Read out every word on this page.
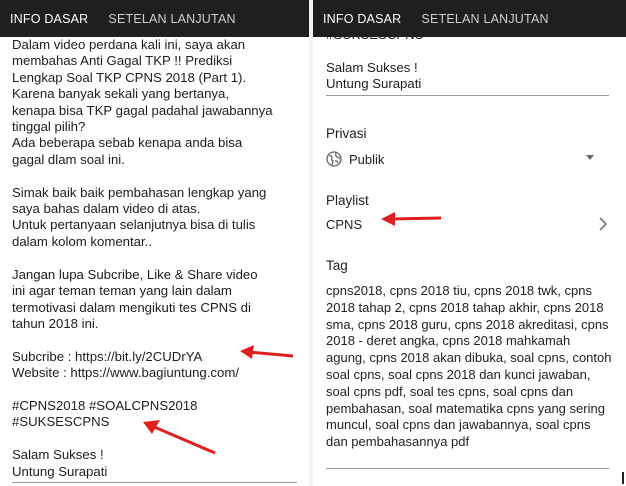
INFO DASAR	SETELAN LANJUTAN
Dalam video perdana kali ini, saya akan
membahas Anti Gagal TKP !! Prediksi
Lengkap Soal TKP CPNS 2018 (Part 1).
Karena banyak sekali yang bertanya,
kenapa bisa TKP gagal padahal jawabannya
tinggal pilih?
Ada beberapa sebab kenapa anda bisa
gagal dlam soal ini.

Simak baik baik pembahasan lengkap yang
saya bahas dalam video di atas.
Untuk pertanyaan selanjutnya bisa di tulis
dalam kolom komentar..

Jangan lupa Subcribe, Like & Share video
ini agar teman teman yang lain dalam
termotivasi dalam mengikuti tes CPNS di
tahun 2018 ini.

Subcribe : https://bit.ly/2CUDrYA
Website : https://www.bagiuntung.com/

#CPNS2018 #SOALCPNS2018
#SUKSESCPNS

Salam Sukses !
Untung Surapati

Salam Sukses !
Untung Surapati
INFO DASAR	SETELAN LANJUTAN
Privasi
Publik
Playlist
CPNS
Tag
cpns2018, cpns 2018 tiu, cpns 2018 twk, cpns 2018 tahap 2, cpns 2018 tahap akhir, cpns 2018 sma, cpns 2018 guru, cpns 2018 akreditasi, cpns 2018 - deret angka, cpns 2018 mahkamah agung, cpns 2018 akan dibuka, soal cpns, contoh soal cpns, soal cpns 2018 dan kunci jawaban, soal cpns pdf, soal tes cpns, soal cpns dan pembahasan, soal matematika cpns yang sering muncul, soal cpns dan jawabannya, soal cpns dan pembahasannya pdf
